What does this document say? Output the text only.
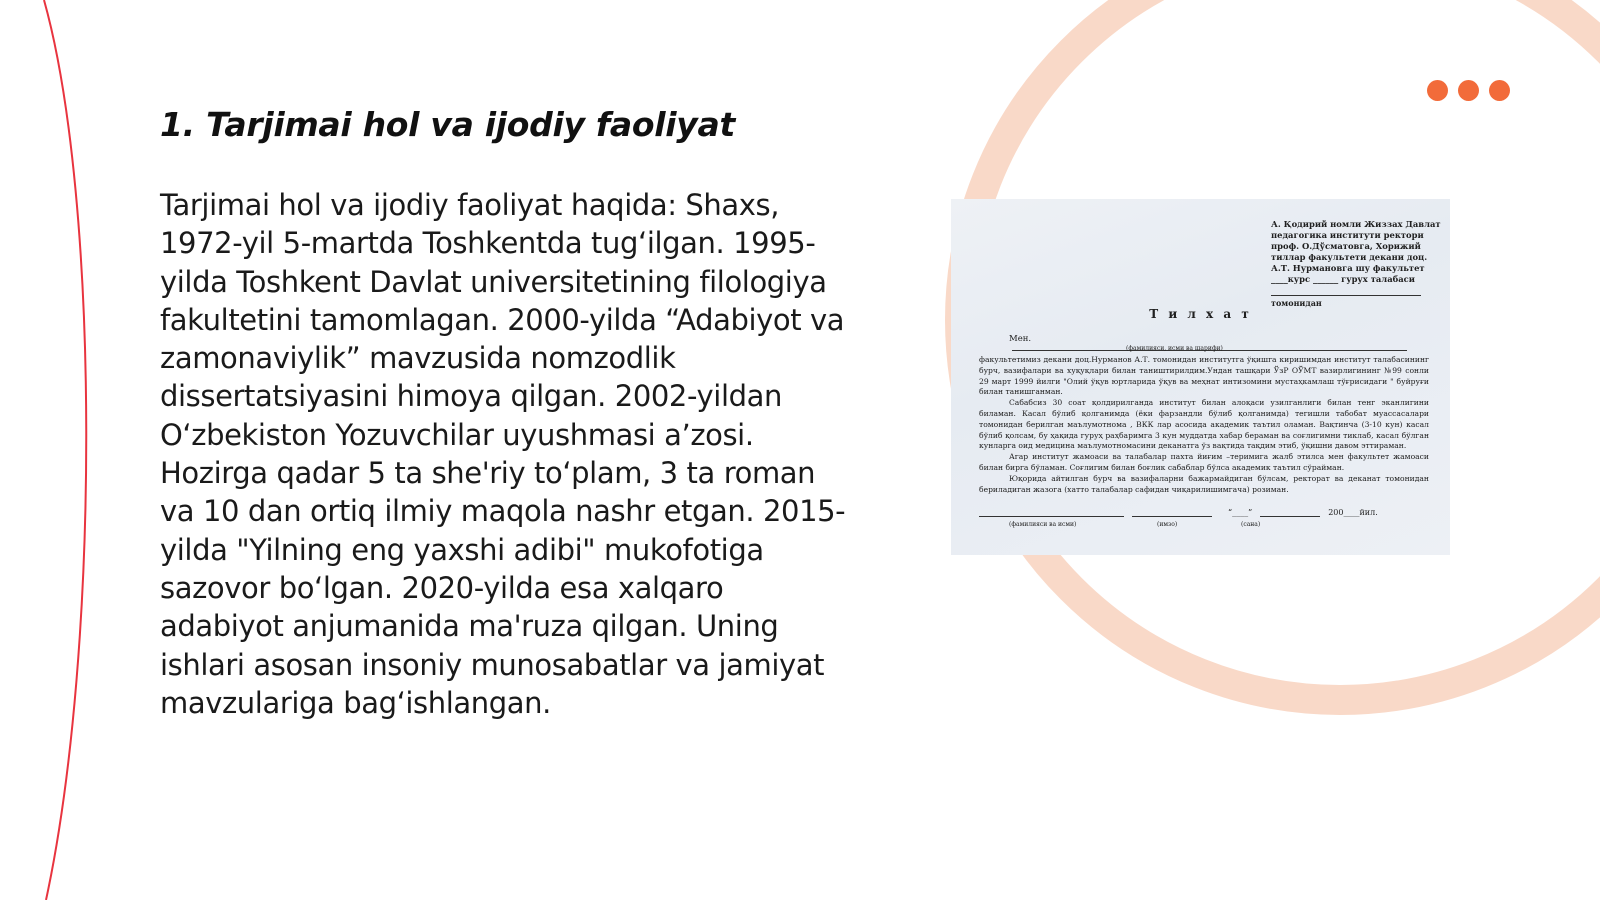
1. Tarjimai hol va ijodiy faoliyat

Tarjimai hol va ijodiy faoliyat haqida: Shaxs, 1972-yil 5-martda Toshkentda tug‘ilgan. 1995-yilda Toshkent Davlat universitetining filologiya fakultetini tamomlagan. 2000-yilda “Adabiyot va zamonaviylik” mavzusida nomzodlik dissertatsiyasini himoya qilgan. 2002-yildan O‘zbekiston Yozuvchilar uyushmasi a’zosi. Hozirga qadar 5 ta she'riy to‘plam, 3 ta roman va 10 dan ortiq ilmiy maqola nashr etgan. 2015-yilda "Yilning eng yaxshi adibi" mukofotiga sazovor bo‘lgan. 2020-yilda esa xalqaro adabiyot anjumanida ma'ruza qilgan. Uning ishlari asosan insoniy munosabatlar va jamiyat mavzulariga bag‘ishlangan.

А. Қодирий номли Жиззах Давлат
педагогика институти ректори
проф. О.Дўсматовга, Хорижий
тиллар факультети декани доц.
А.Т. Нурмановга шу факультет
____курс ______ гурух талабаси
томонидан
Т и л х а т
Мен.
(фамилияси, исми ва шарифи)

факультетимиз декани доц.Нурманов А.Т. томонидан институтга ўқишга киришимдан институт талабасининг бурч, вазифалари ва хуқуқлари билан таништирилдим.Ундан ташқари ЎзР ОЎМТ вазирлигининг №99 сонли 29 март 1999 йилги "Олий ўқув юртларида ўқув ва меҳнат интизомини мустаҳкамлаш тўғрисидаги " буйруғи билан танишганман.

Сабабсиз 30 соат қолдирилганда институт билан алоқаси узилганлиги билан тенг эканлигини биламан. Касал бўлиб қолганимда (ёки фарзандли бўлиб қолганимда) тегишли табобат муассасалари томонидан берилган маълумотнома , ВКК лар асосида академик таътил оламан. Вақтинча (3-10 кун) касал бўлиб қолсам, бу ҳақида гуруҳ раҳбаримга 3 кун муддатда хабар бераман ва соғлигимни тиклаб, касал бўлган кунларга оид медицина маълумотномасини деканатга ўз вақтида тақдим этиб, ўқишни давом эттираман.

Агар институт жамоаси ва талабалар пахта йиғим –теримига жалб этилса мен факультет жамоаси билан бирга бўламан. Соғлигим билан боғлик сабаблар бўлса академик таътил сўрайман.

Юқорида айтилган бурч ва вазифаларни бажармайдиган бўлсам, ректорат ва деканат томонидан бериладиган жазога (хатто талабалар сафидан чиқарилишимгача) розиман.

“____”	200____йил.
(фамилияси ва исми)	(имзо)	(сана)
